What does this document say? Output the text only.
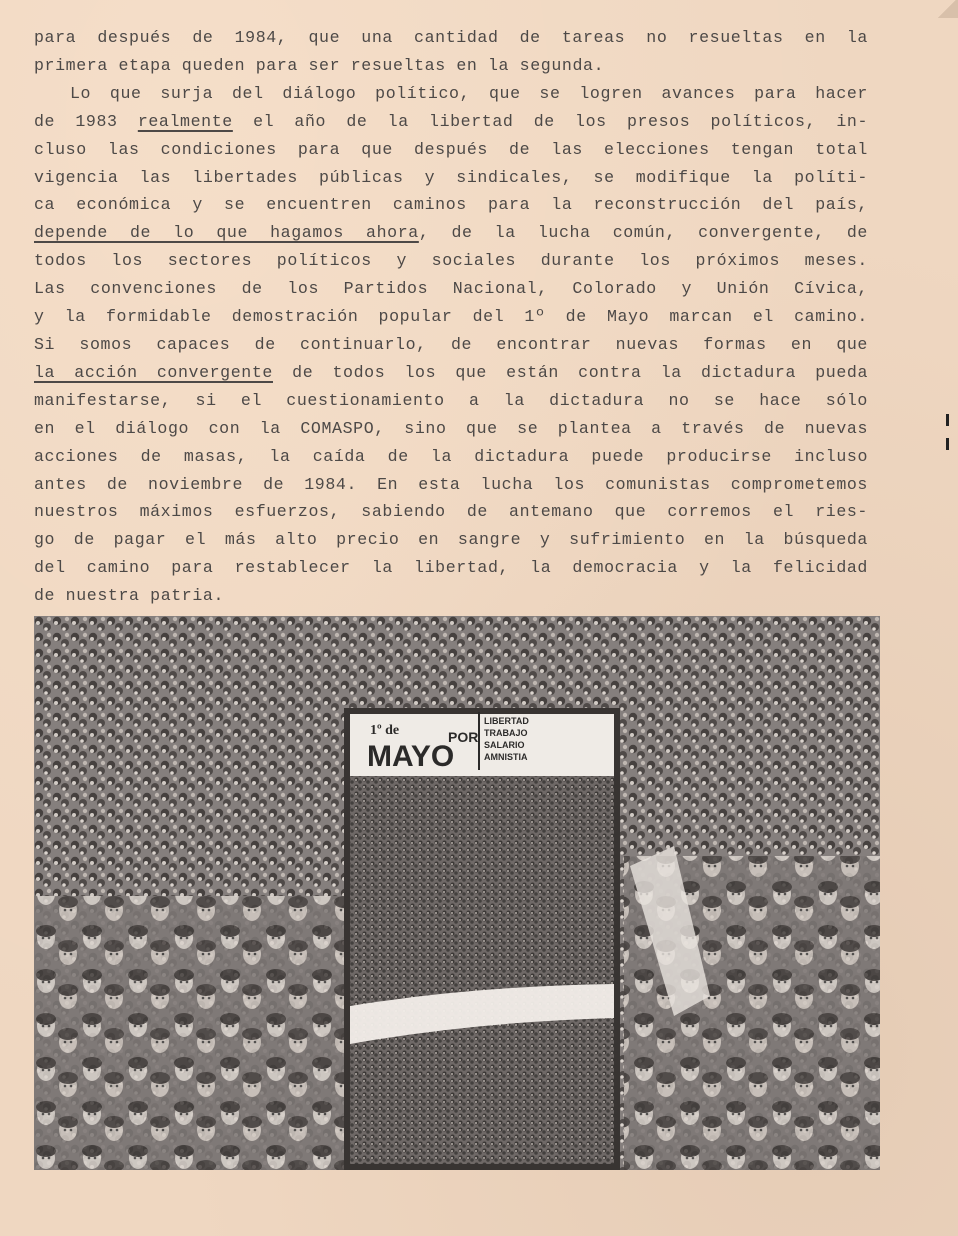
para después de 1984, que una cantidad de tareas no resueltas en la
primera etapa queden para ser resueltas en la segunda.
Lo que surja del diálogo político, que se logren avances para hacer
de 1983 realmente el año de la libertad de los presos políticos, in-
cluso las condiciones para que después de las elecciones tengan total
vigencia las libertades públicas y sindicales, se modifique la políti-
ca económica y se encuentren caminos para la reconstrucción del país,
depende de lo que hagamos ahora, de la lucha común, convergente, de
todos los sectores políticos y sociales durante los próximos meses.
Las convenciones de los Partidos Nacional, Colorado y Unión Cívica,
y la formidable demostración popular del 1º de Mayo marcan el camino.
Si somos capaces de continuarlo, de encontrar nuevas formas en que
la acción convergente de todos los que están contra la dictadura pueda
manifestarse, si el cuestionamiento a la dictadura no se hace sólo
en el diálogo con la COMASPO, sino que se plantea a través de nuevas
acciones de masas, la caída de la dictadura puede producirse incluso
antes de noviembre de 1984. En esta lucha los comunistas comprometemos
nuestros máximos esfuerzos, sabiendo de antemano que corremos el ries-
go de pagar el más alto precio en sangre y sufrimiento en la búsqueda
del camino para restablecer la libertad, la democracia y la felicidad
de nuestra patria.
1º de
MAYO
POR
LIBERTAD
TRABAJO
SALARIO
AMNISTIA
